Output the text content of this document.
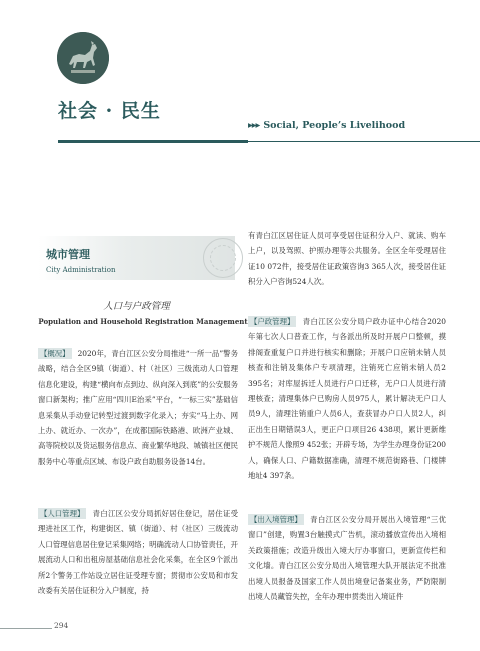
社会 · 民生
▸▸▸ Social, People’s Livelihood
城市管理
City Administration
人口与户政管理
Population and Household Registration Management
【概况】 2020年，青白江区公安分局推进“一所一品”警务战略，结合全区9镇（街道）、村（社区）三级流动人口管理信息化建设，构建“横向布点到边、纵向深入到底”的公安服务窗口新架构；推广应用“四川E治采”平台，“一标三实”基础信息采集从手动登记转型过渡到数字化录入；夯实“马上办、网上办、就近办、一次办”，在成都国际铁路港、欧洲产业城、高等院校以及货运服务信息点、商业繁华地段、城镇社区便民服务中心等重点区域、布设户政自助服务设备14台。
【人口管理】 青白江区公安分局抓好居住登记，居住证受理进社区工作，构建街区、镇（街道）、村（社区）三级流动人口管理信息居住登记采集网络；明确流动人口协管责任，开展流动人口和出租房屋基础信息社会化采集，在全区9个派出所2个警务工作站设立居住证受理专窗；贯彻市公安局和市发改委有关居住证积分入户制度，持
有青白江区居住证人员可享受居住证积分入户、就读、购车上户，以及驾照、护照办理等公共服务。全区全年受理居住证10 072件，接受居住证政策咨询3 365人次，接受居住证积分入户咨询524人次。
【户政管理】 青白江区公安分局户政办证中心结合2020年第七次人口普查工作，与各派出所及时开展户口整顿，摸排阁查重复户口并进行核实和删除；开展户口应销未销人员核查和注销及集体户专项清理，注销死亡应销未销人员2 395名；对库屋拆迁人员进行户口迁移，无户口人员进行清理核查；清理集体户已购房人员975人，累计解决无户口人员9人，清理注销重户人员6人，查获冒办户口人员2人，纠正出生日期错误3人，更正户口项目26 438项，累计更新维护不规范人像照9 452张；开辟专场，为学生办理身份证200人，确保人口、户籍数据准确，清理不规范街路巷、门楼牌地址4 397条。
【出入境管理】 青白江区公安分局开展出入境管理“三优窗口”创建，购置3台触摸式广告机，滚动播放宣传出入境相关政策措施；改造升级出入境大厅办事窗口，更新宣传栏和文化墙。青白江区公安分局出入境管理大队开展法定不批准出境人员报备及国家工作人员出境登记备案业务，严防限制出境人员藏管失控，全年办理申贯类出入境证件
294
